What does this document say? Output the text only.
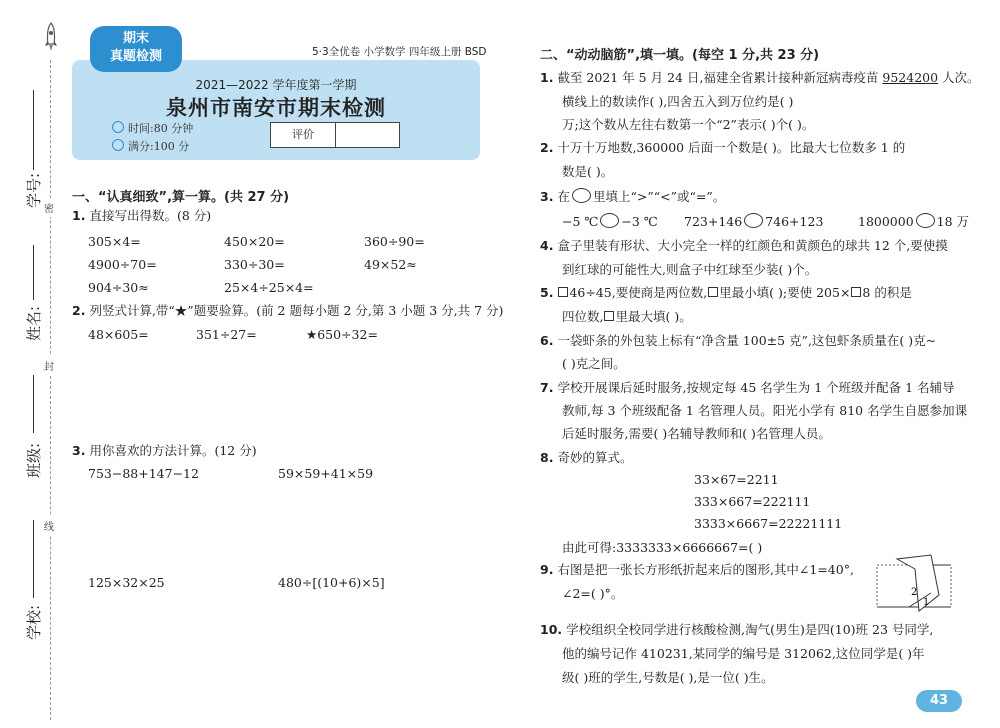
密
封
线
学号:
姓名:
班级:
学校:
5·3全优卷 小学数学 四年级上册 BSD
期末
真题检测
2021—2022 学年度第一学期
泉州市南安市期末检测
时间:80 分钟
满分:100 分
评价
一、“认真细致”,算一算。(共 27 分)
1. 直接写出得数。(8 分)
305×4=	450×20=	360÷90=
4900÷70=	330÷30=	49×52≈
904÷30≈	25×4÷25×4=
2. 列竖式计算,带“★”题要验算。(前 2 题每小题 2 分,第 3 小题 3 分,共 7 分)
48×605=	351÷27=	★650÷32=
3. 用你喜欢的方法计算。(12 分)
753−88+147−12	59×59+41×59
125×32×25	480÷[(10+6)×5]
二、“动动脑筋”,填一填。(每空 1 分,共 23 分)
1. 截至 2021 年 5 月 24 日,福建全省累计接种新冠病毒疫苗 9524200 人次。
横线上的数读作( ),四舍五入到万位约是( )
万;这个数从左往右数第一个“2”表示( )个( )。
2. 十万十万地数,360000 后面一个数是( )。比最大七位数多 1 的
数是( )。
3. 在 里填上“>”“<”或“=”。
−5 ℃ −3 ℃ 723+146 746+123	1800000 18 万
4. 盒子里装有形状、大小完全一样的红颜色和黄颜色的球共 12 个,要使摸
到红球的可能性大,则盒子中红球至少装( )个。
5. 46÷45,要使商是两位数, 里最小填( );要使 205× 8 的积是
四位数, 里最大填( )。
6. 一袋虾条的外包装上标有“净含量 100±5 克”,这包虾条质量在( )克~
( )克之间。
7. 学校开展课后延时服务,按规定每 45 名学生为 1 个班级并配备 1 名辅导
教师,每 3 个班级配备 1 名管理人员。阳光小学有 810 名学生自愿参加课
后延时服务,需要( )名辅导教师和( )名管理人员。
8. 奇妙的算式。
33×67=2211
333×667=222111
3333×6667=22221111
由此可得:3333333×6666667=( )
9. 右图是把一张长方形纸折起来后的图形,其中∠1=40°,
∠2=( )°。	2
1
10. 学校组织全校同学进行核酸检测,淘气(男生)是四(10)班 23 号同学,
他的编号记作 410231,某同学的编号是 312062,这位同学是( )年
级( )班的学生,号数是( ),是一位( )生。
43
